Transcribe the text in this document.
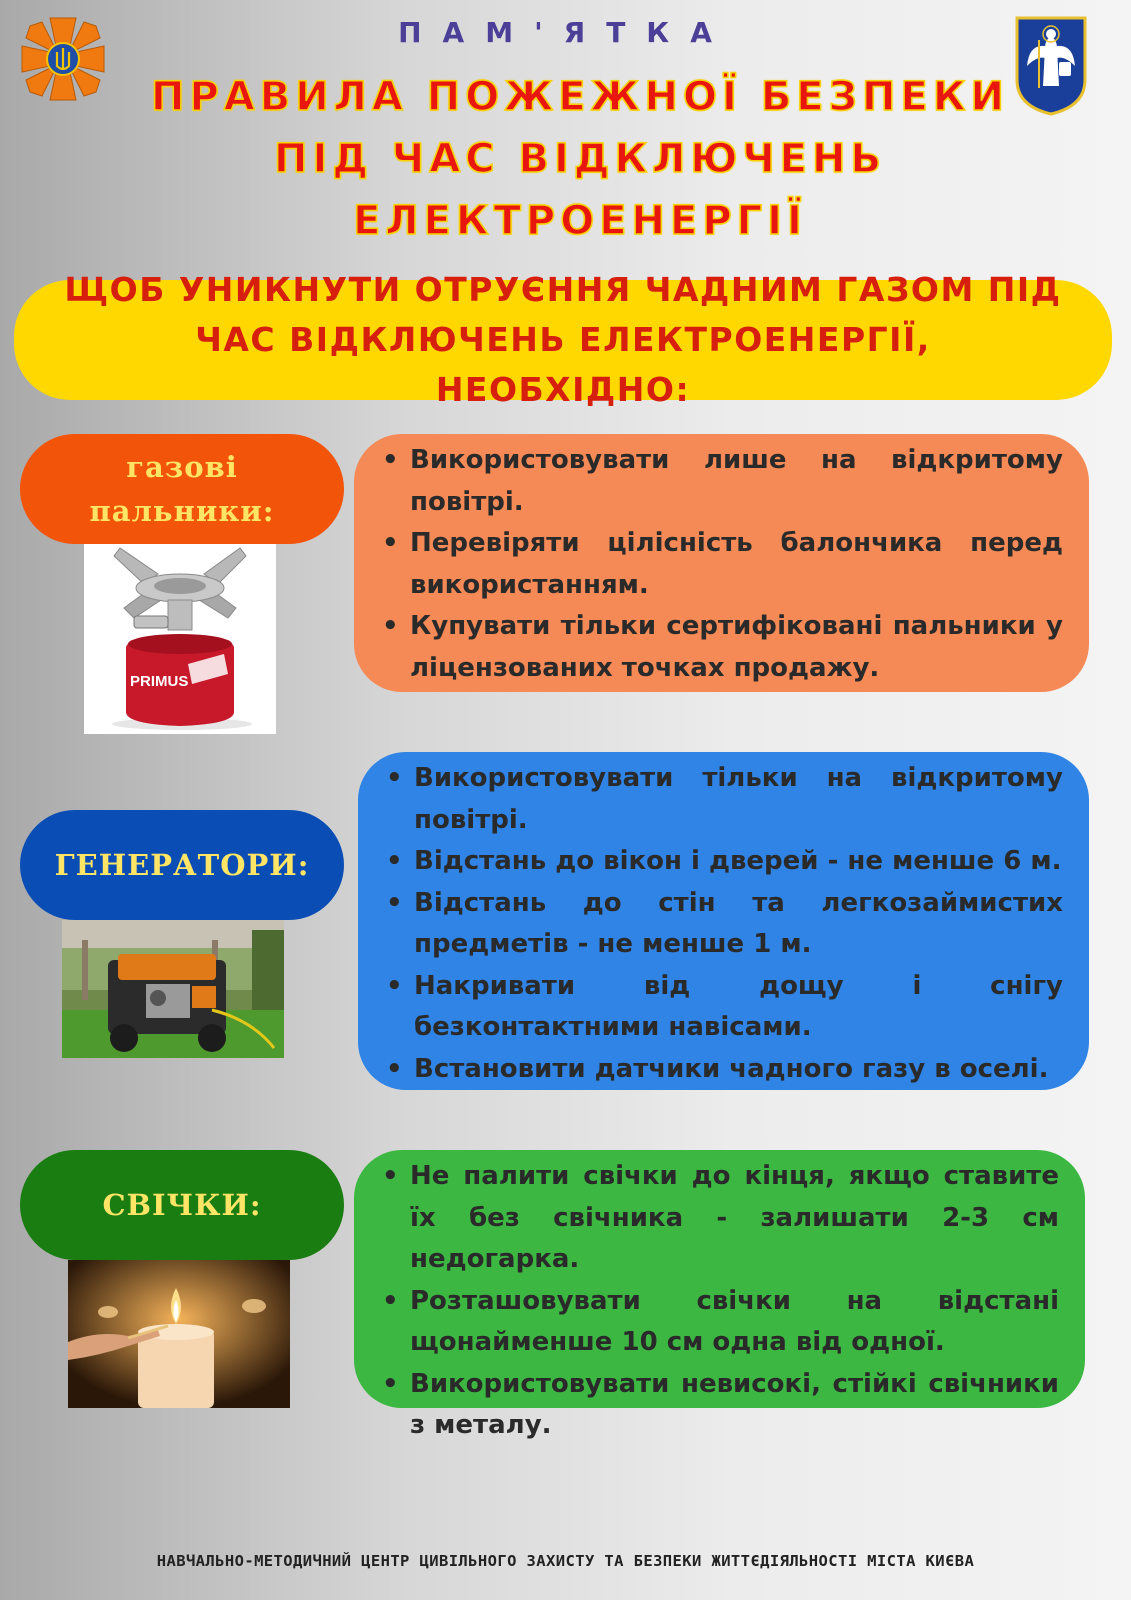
ПАМ'ЯТКА
ПРАВИЛА ПОЖЕЖНОЇ БЕЗПЕКИ
ПІД ЧАС ВІДКЛЮЧЕНЬ
ЕЛЕКТРОЕНЕРГІЇ
ЩОБ УНИКНУТИ ОТРУЄННЯ ЧАДНИМ ГАЗОМ ПІД ЧАС ВІДКЛЮЧЕНЬ ЕЛЕКТРОЕНЕРГІЇ, НЕОБХІДНО:
газові пальники:
PRIMUS
• Використовувати лише на відкритому повітрі.
• Перевіряти цілісність балончика перед використанням.
• Купувати тільки сертифіковані пальники у ліцензованих точках продажу.
ГЕНЕРАТОРИ:
• Використовувати тільки на відкритому повітрі.
• Відстань до вікон і дверей - не менше 6 м.
• Відстань до стін та легкозаймистих предметів - не менше 1 м.
• Накривати від дощу і снігу безконтактними навісами.
• Встановити датчики чадного газу в оселі.
СВІЧКИ:
• Не палити свічки до кінця, якщо ставите їх без свічника - залишати 2-3 см недогарка.
• Розташовувати свічки на відстані щонайменше 10 см одна від одної.
• Використовувати невисокі, стійкі свічники з металу.
НАВЧАЛЬНО-МЕТОДИЧНИЙ ЦЕНТР ЦИВІЛЬНОГО ЗАХИСТУ ТА БЕЗПЕКИ ЖИТТЄДІЯЛЬНОСТІ МІСТА КИЄВА
